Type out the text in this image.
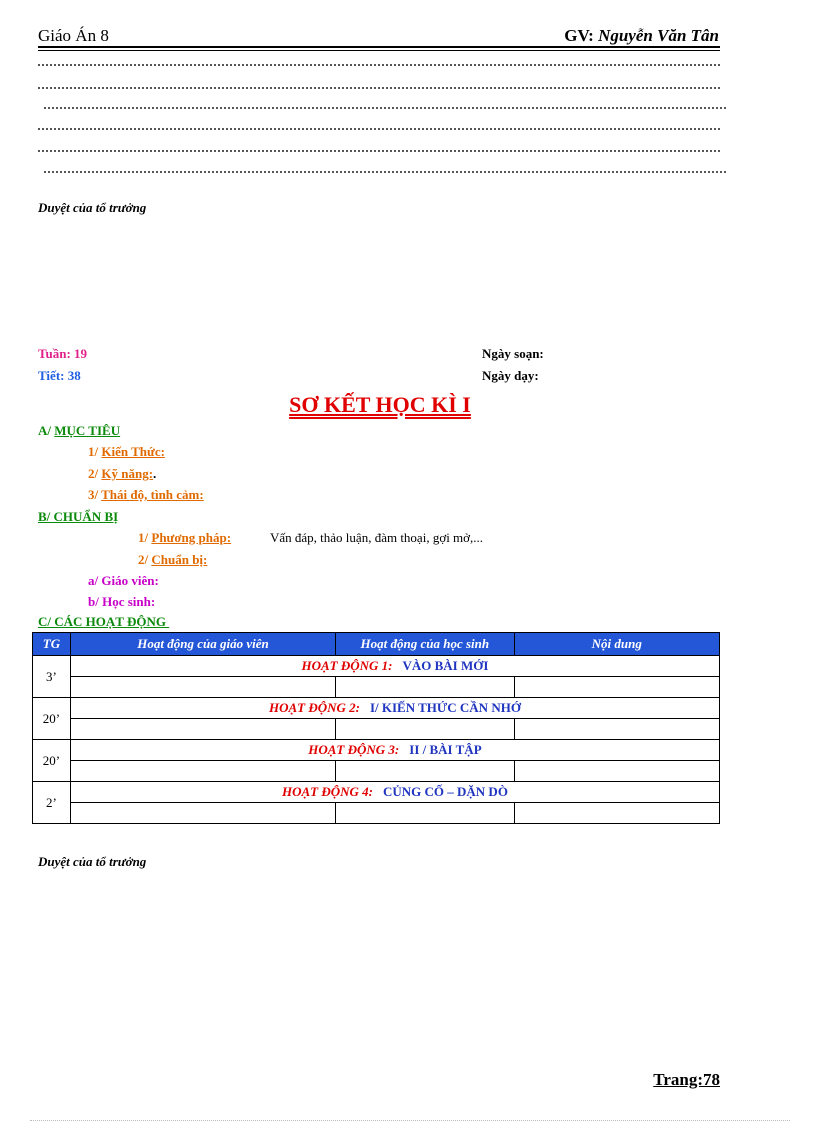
Giáo Án 8	GV: Nguyễn Văn Tân
Duyệt của tổ trưởng
Tuần: 19
Tiết: 38
Ngày soạn:
Ngày dạy:
SƠ KẾT HỌC KÌ I
A/ MỤC TIÊU
1/ Kiến Thức:
2/ Kỹ năng:.
3/ Thái độ, tình cảm:
B/ CHUẨN BỊ
1/ Phương pháp:	Vấn đáp, thảo luận, đàm thoại, gợi mở,...
2/ Chuẩn bị:
a/ Giáo viên:
b/ Học sinh:
C/ CÁC HOẠT ĐỘNG
TG	Hoạt động của giáo viên	Hoạt động của học sinh	Nội dung
3’	HOẠT ĐỘNG 1: VÀO BÀI MỚI		

20’	HOẠT ĐỘNG 2: I/ KIẾN THỨC CẦN NHỚ		

20’	HOẠT ĐỘNG 3: II / BÀI TẬP		

2’	HOẠT ĐỘNG 4: CỦNG CỐ – DẶN DÒ		

Duyệt của tổ trưởng
Trang:78
